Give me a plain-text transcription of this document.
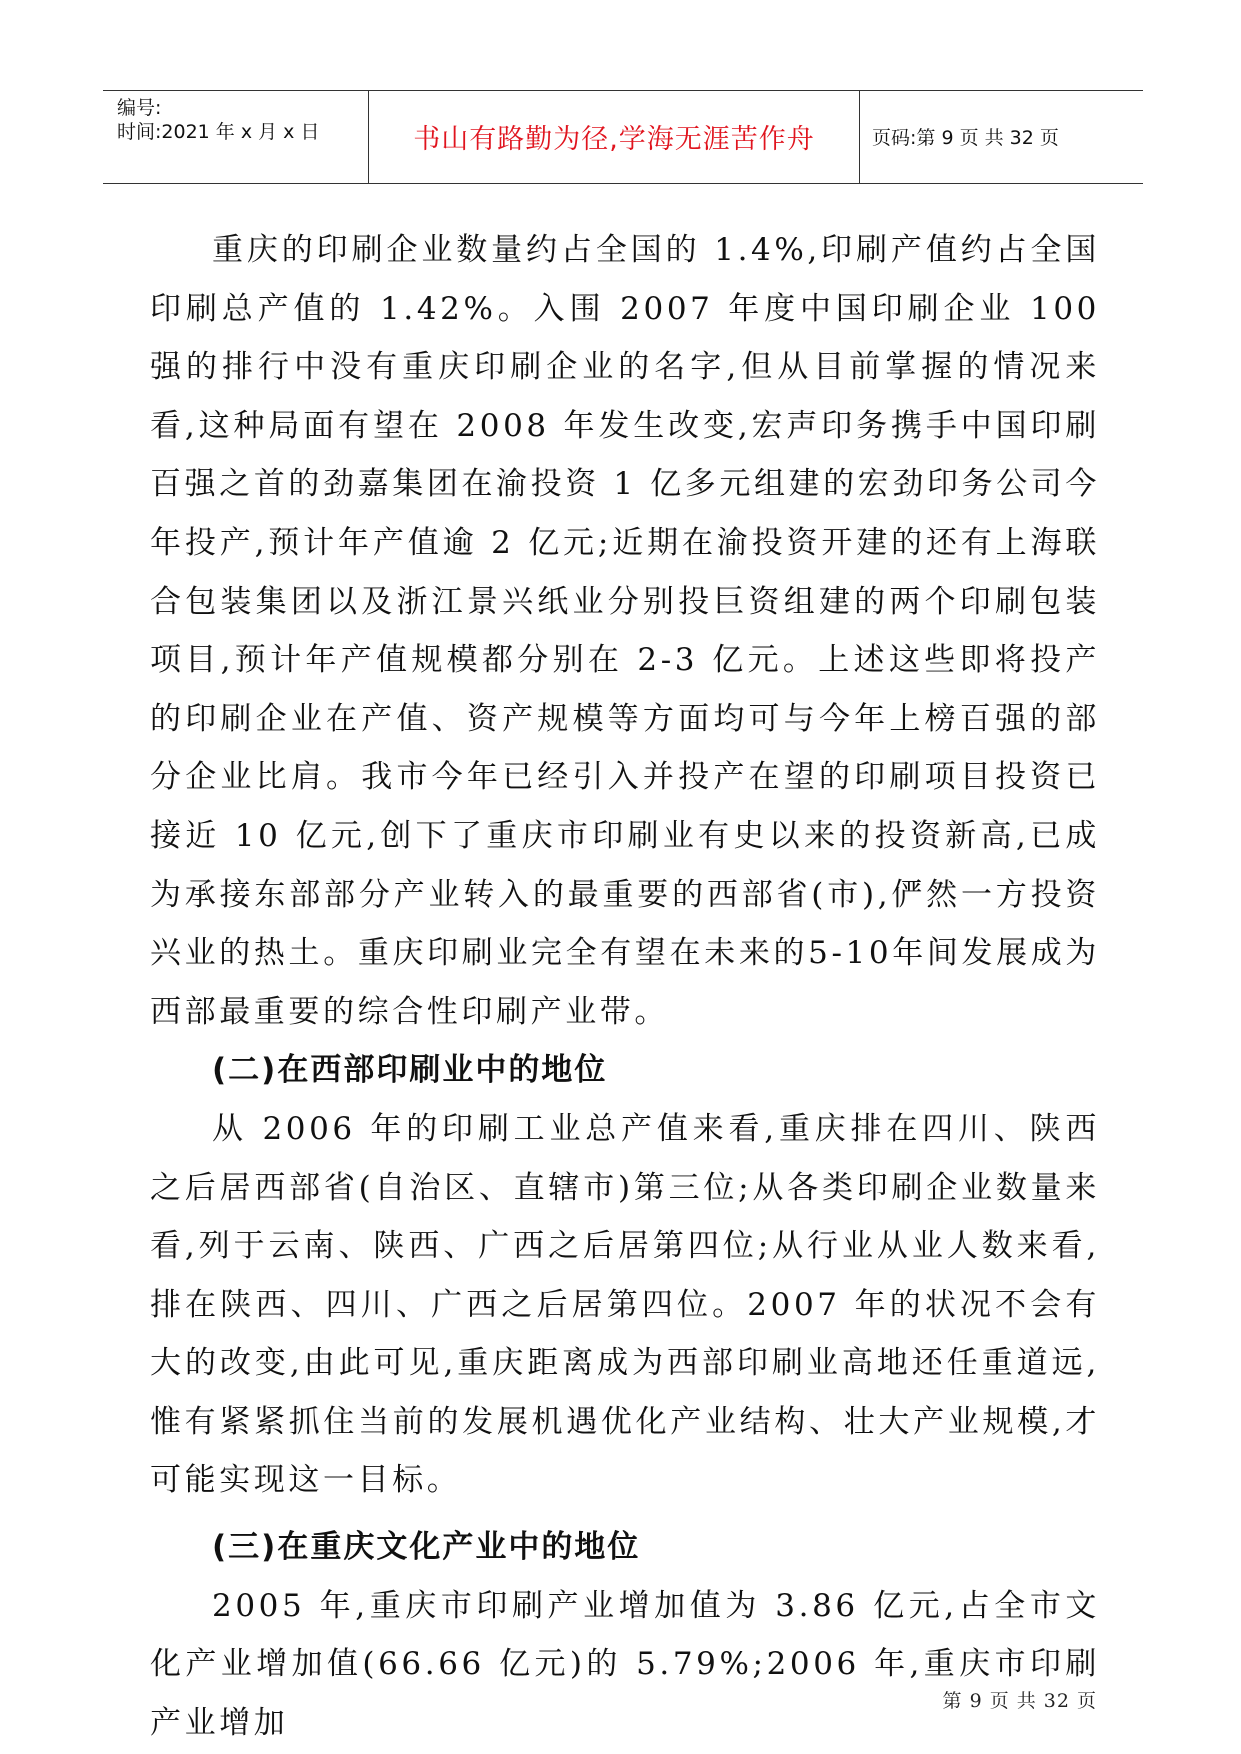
编号:
时间:2021 年 x 月 x 日	书山有路勤为径,学海无涯苦作舟	页码:第 9 页 共 32 页

重庆的印刷企业数量约占全国的 1.4%,印刷产值约占全国印刷总产值的 1.42%。入围 2007 年度中国印刷企业 100 强的排行中没有重庆印刷企业的名字,但从目前掌握的情况来看,这种局面有望在 2008 年发生改变,宏声印务携手中国印刷百强之首的劲嘉集团在渝投资 1 亿多元组建的宏劲印务公司今年投产,预计年产值逾 2 亿元;近期在渝投资开建的还有上海联合包装集团以及浙江景兴纸业分别投巨资组建的两个印刷包装项目,预计年产值规模都分别在 2-3 亿元。上述这些即将投产的印刷企业在产值、资产规模等方面均可与今年上榜百强的部分企业比肩。我市今年已经引入并投产在望的印刷项目投资已接近 10 亿元,创下了重庆市印刷业有史以来的投资新高,已成为承接东部部分产业转入的最重要的西部省(市),俨然一方投资兴业的热土。重庆印刷业完全有望在未来的5-10年间发展成为西部最重要的综合性印刷产业带。

(二)在西部印刷业中的地位

从 2006 年的印刷工业总产值来看,重庆排在四川、陕西之后居西部省(自治区、直辖市)第三位;从各类印刷企业数量来看,列于云南、陕西、广西之后居第四位;从行业从业人数来看,排在陕西、四川、广西之后居第四位。2007 年的状况不会有大的改变,由此可见,重庆距离成为西部印刷业高地还任重道远,惟有紧紧抓住当前的发展机遇优化产业结构、壮大产业规模,才可能实现这一目标。

(三)在重庆文化产业中的地位

2005 年,重庆市印刷产业增加值为 3.86 亿元,占全市文化产业增加值(66.66 亿元)的 5.79%;2006 年,重庆市印刷产业增加

第 9 页 共 32 页
